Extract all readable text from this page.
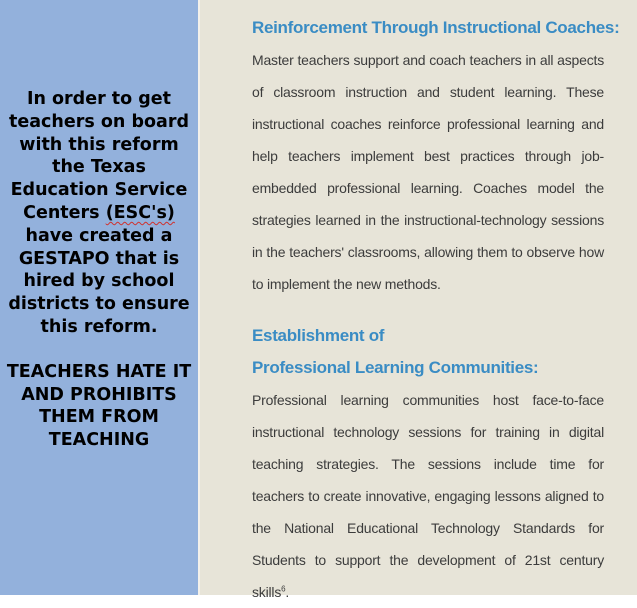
In order to get teachers on board with this reform the Texas Education Service Centers (ESC's) have created a GESTAPO that is hired by school districts to ensure this reform.

TEACHERS HATE IT AND PROHIBITS THEM FROM TEACHING

Reinforcement Through Instructional Coaches:

Master teachers support and coach teachers in all aspects of classroom instruction and student learning. These instructional coaches reinforce professional learning and help teachers implement best practices through job-embedded professional learning. Coaches model the strategies learned in the instructional-technology sessions in the teachers' classrooms, allowing them to observe how to implement the new methods.

Establishment of
Professional Learning Communities:

Professional learning communities host face-to-face instructional technology sessions for training in digital teaching strategies. The sessions include time for teachers to create innovative, engaging lessons aligned to the National Educational Technology Standards for Students to support the development of 21st century skills$^6$.
